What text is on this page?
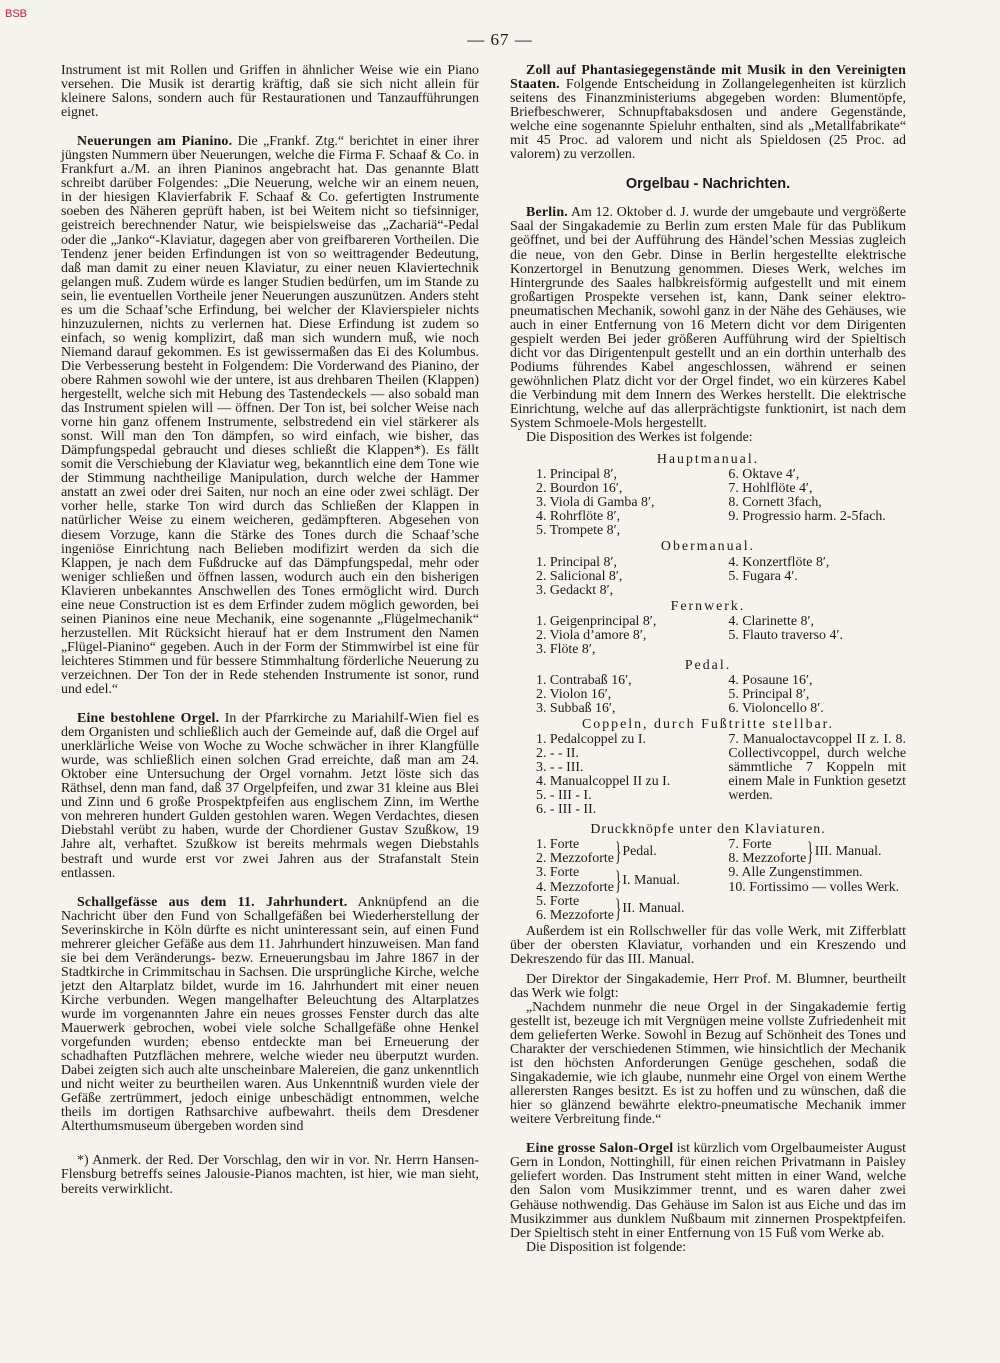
BSB
— 67 —

Instrument ist mit Rollen und Griffen in ähnlicher Weise wie ein Piano versehen. Die Musik ist derartig kräftig, daß sie sich nicht allein für kleinere Salons, sondern auch für Restaurationen und Tanzaufführungen eignet.

Neuerungen am Pianino. Die „Frankf. Ztg.“ berichtet in einer ihrer jüngsten Nummern über Neuerungen, welche die Firma F. Schaaf & Co. in Frankfurt a./M. an ihren Pianinos angebracht hat. Das genannte Blatt schreibt darüber Folgendes: „Die Neuerung, welche wir an einem neuen, in der hiesigen Klavierfabrik F. Schaaf & Co. gefertigten Instrumente soeben des Näheren geprüft haben, ist bei Weitem nicht so tiefsinniger, geistreich berechnender Natur, wie beispielsweise das „Zachariä“-Pedal oder die „Janko“-Klaviatur, dagegen aber von greifbareren Vortheilen. Die Tendenz jener beiden Erfindungen ist von so weittragender Bedeutung, daß man damit zu einer neuen Klaviatur, zu einer neuen Klaviertechnik gelangen muß. Zudem würde es langer Studien bedürfen, um im Stande zu sein, lie eventuellen Vortheile jener Neuerungen auszunützen. Anders steht es um die Schaaf’sche Erfindung, bei welcher der Klavierspieler nichts hinzuzulernen, nichts zu verlernen hat. Diese Erfindung ist zudem so einfach, so wenig komplizirt, daß man sich wundern muß, wie noch Niemand darauf gekommen. Es ist gewissermaßen das Ei des Kolumbus. Die Verbesserung besteht in Folgendem: Die Vorderwand des Pianino, der obere Rahmen sowohl wie der untere, ist aus drehbaren Theilen (Klappen) hergestellt, welche sich mit Hebung des Tastendeckels — also sobald man das Instrument spielen will — öffnen. Der Ton ist, bei solcher Weise nach vorne hin ganz offenem Instrumente, selbstredend ein viel stärkerer als sonst. Will man den Ton dämpfen, so wird einfach, wie bisher, das Dämpfungspedal gebraucht und dieses schließt die Klappen*). Es fällt somit die Verschiebung der Klaviatur weg, bekanntlich eine dem Tone wie der Stimmung nachtheilige Manipulation, durch welche der Hammer anstatt an zwei oder drei Saiten, nur noch an eine oder zwei schlägt. Der vorher helle, starke Ton wird durch das Schließen der Klappen in natürlicher Weise zu einem weicheren, gedämpfteren. Abgesehen von diesem Vorzuge, kann die Stärke des Tones durch die Schaaf’sche ingeniöse Einrichtung nach Belieben modifizirt werden da sich die Klappen, je nach dem Fußdrucke auf das Dämpfungspedal, mehr oder weniger schließen und öffnen lassen, wodurch auch ein den bisherigen Klavieren unbekanntes Anschwellen des Tones ermöglicht wird. Durch eine neue Construction ist es dem Erfinder zudem möglich geworden, bei seinen Pianinos eine neue Mechanik, eine sogenannte „Flügelmechanik“ herzustellen. Mit Rücksicht hierauf hat er dem Instrument den Namen „Flügel-Pianino“ gegeben. Auch in der Form der Stimmwirbel ist eine für leichteres Stimmen und für bessere Stimmhaltung förderliche Neuerung zu verzeichnen. Der Ton der in Rede stehenden Instrumente ist sonor, rund und edel.“

Eine bestohlene Orgel. In der Pfarrkirche zu Mariahilf-Wien fiel es dem Organisten und schließlich auch der Gemeinde auf, daß die Orgel auf unerklärliche Weise von Woche zu Woche schwächer in ihrer Klangfülle wurde, was schließlich einen solchen Grad erreichte, daß man am 24. Oktober eine Untersuchung der Orgel vornahm. Jetzt löste sich das Räthsel, denn man fand, daß 37 Orgelpfeifen, und zwar 31 kleine aus Blei und Zinn und 6 große Prospektpfeifen aus englischem Zinn, im Werthe von mehreren hundert Gulden gestohlen waren. Wegen Verdachtes, diesen Diebstahl verübt zu haben, wurde der Chordiener Gustav Szußkow, 19 Jahre alt, verhaftet. Szußkow ist bereits mehrmals wegen Diebstahls bestraft und wurde erst vor zwei Jahren aus der Strafanstalt Stein entlassen.

Schallgefässe aus dem 11. Jahrhundert. Anknüpfend an die Nachricht über den Fund von Schallgefäßen bei Wiederherstellung der Severinskirche in Köln dürfte es nicht uninteressant sein, auf einen Fund mehrerer gleicher Gefäße aus dem 11. Jahrhundert hinzuweisen. Man fand sie bei dem Veränderungs- bezw. Erneuerungsbau im Jahre 1867 in der Stadtkirche in Crimmitschau in Sachsen. Die ursprüngliche Kirche, welche jetzt den Altarplatz bildet, wurde im 16. Jahrhundert mit einer neuen Kirche verbunden. Wegen mangelhafter Beleuchtung des Altarplatzes wurde im vorgenannten Jahre ein neues grosses Fenster durch das alte Mauerwerk gebrochen, wobei viele solche Schallgefäße ohne Henkel vorgefunden wurden; ebenso entdeckte man bei Erneuerung der schadhaften Putzflächen mehrere, welche wieder neu überputzt wurden. Dabei zeigten sich auch alte unscheinbare Malereien, die ganz unkenntlich und nicht weiter zu beurtheilen waren. Aus Unkenntniß wurden viele der Gefäße zertrümmert, jedoch einige unbeschädigt entnommen, welche theils im dortigen Rathsarchive aufbewahrt. theils dem Dresdener Alterthumsmuseum übergeben worden sind

*) Anmerk. der Red. Der Vorschlag, den wir in vor. Nr. Herrn Hansen-Flensburg betreffs seines Jalousie-Pianos machten, ist hier, wie man sieht, bereits verwirklicht.

Zoll auf Phantasiegegenstände mit Musik in den Vereinigten Staaten. Folgende Entscheidung in Zollangelegenheiten ist kürzlich seitens des Finanzministeriums abgegeben worden: Blumentöpfe, Briefbeschwerer, Schnupftabaksdosen und andere Gegenstände, welche eine sogenannte Spieluhr enthalten, sind als „Metallfabrikate“ mit 45 Proc. ad valorem und nicht als Spieldosen (25 Proc. ad valorem) zu verzollen.

Orgelbau - Nachrichten.

Berlin. Am 12. Oktober d. J. wurde der umgebaute und vergrößerte Saal der Singakademie zu Berlin zum ersten Male für das Publikum geöffnet, und bei der Aufführung des Händel’schen Messias zugleich die neue, von den Gebr. Dinse in Berlin hergestellte elektrische Konzertorgel in Benutzung genommen. Dieses Werk, welches im Hintergrunde des Saales halbkreisförmig aufgestellt und mit einem großartigen Prospekte versehen ist, kann, Dank seiner elektro-pneumatischen Mechanik, sowohl ganz in der Nähe des Gehäuses, wie auch in einer Entfernung von 16 Metern dicht vor dem Dirigenten gespielt werden Bei jeder größeren Aufführung wird der Spieltisch dicht vor das Dirigentenpult gestellt und an ein dorthin unterhalb des Podiums führendes Kabel angeschlossen, während er seinen gewöhnlichen Platz dicht vor der Orgel findet, wo ein kürzeres Kabel die Verbindung mit dem Innern des Werkes herstellt. Die elektrische Einrichtung, welche auf das allerprächtigste funktionirt, ist nach dem System Schmoele-Mols hergestellt.

Die Disposition des Werkes ist folgende:

Hauptmanual.
1. Principal 8′,	6. Oktave 4′,
2. Bourdon 16′,	7. Hohlflöte 4′,
3. Viola di Gamba 8′,	8. Cornett 3fach,
4. Rohrflöte 8′,	9. Progressio harm. 2-5fach.
5. Trompete 8′,
Obermanual.
1. Principal 8′,	4. Konzertflöte 8′,
2. Salicional 8′,	5. Fugara 4′.
3. Gedackt 8′,
Fernwerk.
1. Geigenprincipal 8′,	4. Clarinette 8′,
2. Viola d’amore 8′,	5. Flauto traverso 4′.
3. Flöte 8′,
Pedal.
1. Contrabaß 16′,	4. Posaune 16′,
2. Violon 16′,	5. Principal 8′,
3. Subbaß 16′,	6. Violoncello 8′.
Coppeln, durch Fußtritte stellbar.
1. Pedalcoppel zu I.
2. - - II.
3. - - III.
4. Manualcoppel II zu I.
5. - III - I.
6. - III - II.
7. Manualoctavcoppel II z. I. 8. Collectivcoppel, durch welche sämmtliche 7 Koppeln mit einem Male in Funktion gesetzt werden.
Druckknöpfe unter den Klaviaturen.
1. Forte
2. Mezzoforte } Pedal.
3. Forte
4. Mezzoforte } I. Manual.
5. Forte
6. Mezzoforte } II. Manual.
7. Forte
8. Mezzoforte } III. Manual.
9. Alle Zungenstimmen.
10. Fortissimo — volles Werk.

Außerdem ist ein Rollschweller für das volle Werk, mit Zifferblatt über der obersten Klaviatur, vorhanden und ein Kreszendo und Dekreszendo für das III. Manual.

Der Direktor der Singakademie, Herr Prof. M. Blumner, beurtheilt das Werk wie folgt:

„Nachdem nunmehr die neue Orgel in der Singakademie fertig gestellt ist, bezeuge ich mit Vergnügen meine vollste Zufriedenheit mit dem gelieferten Werke. Sowohl in Bezug auf Schönheit des Tones und Charakter der verschiedenen Stimmen, wie hinsichtlich der Mechanik ist den höchsten Anforderungen Genüge geschehen, sodaß die Singakademie, wie ich glaube, nunmehr eine Orgel von einem Werthe allerersten Ranges besitzt. Es ist zu hoffen und zu wünschen, daß die hier so glänzend bewährte elektro-pneumatische Mechanik immer weitere Verbreitung finde.“

Eine grosse Salon-Orgel ist kürzlich vom Orgelbaumeister August Gern in London, Nottinghill, für einen reichen Privatmann in Paisley geliefert worden. Das Instrument steht mitten in einer Wand, welche den Salon vom Musikzimmer trennt, und es waren daher zwei Gehäuse nothwendig. Das Gehäuse im Salon ist aus Eiche und das im Musikzimmer aus dunklem Nußbaum mit zinnernen Prospektpfeifen. Der Spieltisch steht in einer Entfernung von 15 Fuß vom Werke ab.

Die Disposition ist folgende:
